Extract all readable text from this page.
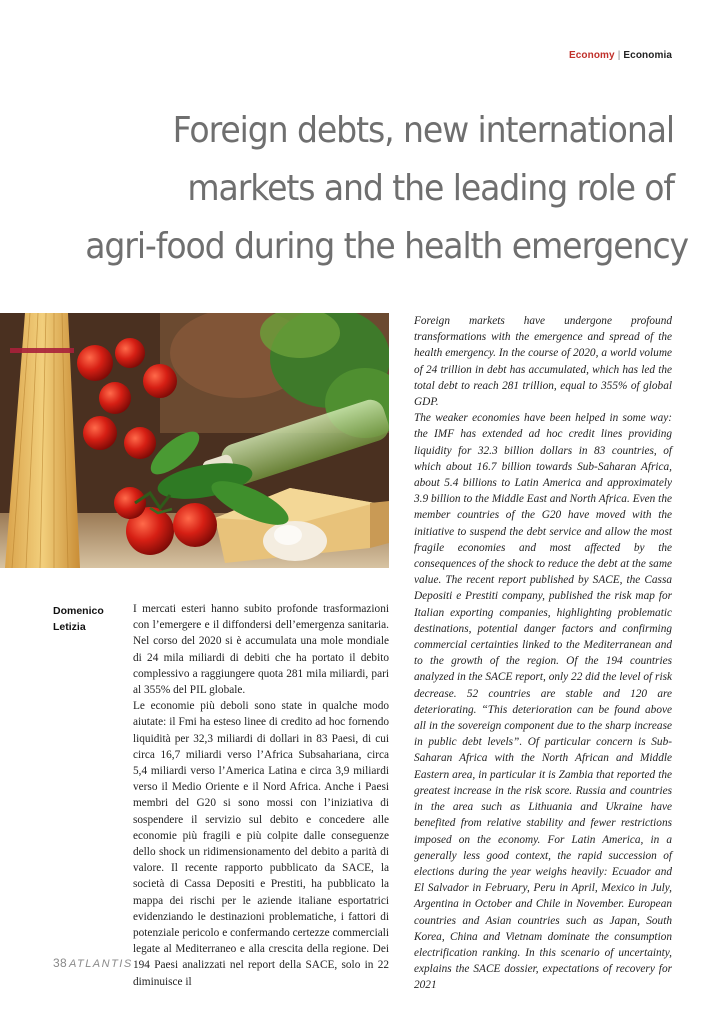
Economy | Economia
Foreign debts, new international
markets and the leading role of
agri-food during the health emergency
Domenico
Letizia

I mercati esteri hanno subito profonde trasformazioni con l’emergere e il diffondersi dell’emergenza sanitaria. Nel corso del 2020 si è accumulata una mole mondiale di 24 mila miliardi di debiti che ha portato il debito complessivo a raggiungere quota 281 mila miliardi, pari al 355% del PIL globale.

Le economie più deboli sono state in qualche modo aiutate: il Fmi ha esteso linee di credito ad hoc fornendo liquidità per 32,3 miliardi di dollari in 83 Paesi, di cui circa 16,7 miliardi verso l’Africa Subsahariana, circa 5,4 miliardi verso l’America Latina e circa 3,9 miliardi verso il Medio Oriente e il Nord Africa. Anche i Paesi membri del G20 si sono mossi con l’iniziativa di sospendere il servizio sul debito e concedere alle economie più fragili e più colpite dalle conseguenze dello shock un ridimensionamento del debito a parità di valore. Il recente rapporto pubblicato da SACE, la società di Cassa Depositi e Prestiti, ha pubblicato la mappa dei rischi per le aziende italiane esportatrici evidenziando le destinazioni problematiche, i fattori di potenziale pericolo e confermando certezze commerciali legate al Mediterraneo e alla crescita della regione. Dei 194 Paesi analizzati nel report della SACE, solo in 22 diminuisce il

Foreign markets have undergone profound transformations with the emergence and spread of the health emergency. In the course of 2020, a world volume of 24 trillion in debt has accumulated, which has led the total debt to reach 281 trillion, equal to 355% of global GDP.

The weaker economies have been helped in some way: the IMF has extended ad hoc credit lines providing liquidity for 32.3 billion dollars in 83 countries, of which about 16.7 billion towards Sub-Saharan Africa, about 5.4 billions to Latin America and approximately 3.9 billion to the Middle East and North Africa. Even the member countries of the G20 have moved with the initiative to suspend the debt service and allow the most fragile economies and most affected by the consequences of the shock to reduce the debt at the same value. The recent report published by SACE, the Cassa Depositi e Prestiti company, published the risk map for Italian exporting companies, highlighting problematic destinations, potential danger factors and confirming commercial certainties linked to the Mediterranean and to the growth of the region. Of the 194 countries analyzed in the SACE report, only 22 did the level of risk decrease. 52 countries are stable and 120 are deteriorating. “This deterioration can be found above all in the sovereign component due to the sharp increase in public debt levels”. Of particular concern is Sub-Saharan Africa with the North African and Middle Eastern area, in particular it is Zambia that reported the greatest increase in the risk score. Russia and countries in the area such as Lithuania and Ukraine have benefited from relative stability and fewer restrictions imposed on the economy. For Latin America, in a generally less good context, the rapid succession of elections during the year weighs heavily: Ecuador and El Salvador in February, Peru in April, Mexico in July, Argentina in October and Chile in November. European countries and Asian countries such as Japan, South Korea, China and Vietnam dominate the consumption electrification ranking. In this scenario of uncertainty, explains the SACE dossier, expectations of recovery for 2021

38 ATLANTIS
